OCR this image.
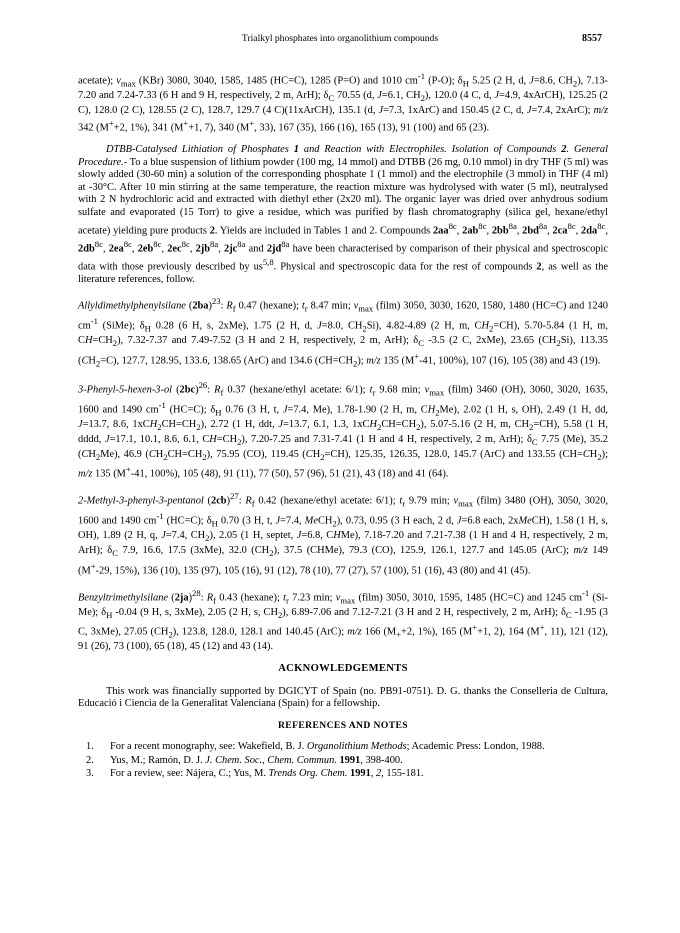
Trialkyl phosphates into organolithium compounds	8557

acetate); $\nu_{max}$ (KBr) 3080, 3040, 1585, 1485 (HC=C), 1285 (P=O) and 1010 $cm^{-1}$ (P-O); $\delta_H$ 5.25 (2 H, d, J=8.6, $CH_2$), 7.13-7.20 and 7.24-7.33 (6 H and 9 H, respectively, 2 m, ArH); $\delta_C$ 70.55 (d, J=6.1, $CH_2$), 120.0 (4 C, d, J=4.9, 4xArCH), 125.25 (2 C), 128.0 (2 C), 128.55 (2 C), 128.7, 129.7 (4 C)(11xArCH), 135.1 (d, J=7.3, 1xArC) and 150.45 (2 C, d, J=7.4, 2xArC); m/z 342 (M++2, 1%), 341 (M++1, 7), 340 (M+, 33), 167 (35), 166 (16), 165 (13), 91 (100) and 65 (23).

DTBB-Catalysed Lithiation of Phosphates 1 and Reaction with Electrophiles. Isolation of Compounds 2. General Procedure.- To a blue suspension of lithium powder (100 mg, 14 mmol) and DTBB (26 mg, 0.10 mmol) in dry THF (5 ml) was slowly added (30-60 min) a solution of the corresponding phosphate 1 (1 mmol) and the electrophile (3 mmol) in THF (4 ml) at -30°C. After 10 min stirring at the same temperature, the reaction mixture was hydrolysed with water (5 ml), neutralysed with 2 N hydrochloric acid and extracted with diethyl ether (2x20 ml). The organic layer was dried over anhydrous sodium sulfate and evaporated (15 Torr) to give a residue, which was purified by flash chromatography (silica gel, hexane/ethyl acetate) yielding pure products 2. Yields are included in Tables 1 and 2. Compounds $2aa^{8c}$, $2ab^{8c}$, $2bb^{8a}$, $2bd^{8a}$, $2ca^{8c}$, $2da^{8c}$, $2db^{8c}$, $2ea^{8c}$, $2eb^{8c}$, $2ec^{8c}$, $2jb^{8a}$, $2jc^{8a}$ and $2jd^{8a}$ have been characterised by comparison of their physical and spectroscopic data with those previously described by us$^{5,8}$. Physical and spectroscopic data for the rest of compounds 2, as well as the literature references, follow.

Allyldimethylphenylsilane $(2ba)^{23}$: $R_f$ 0.47 (hexane); $t_r$ 8.47 min; $\nu_{max}$ (film) 3050, 3030, 1620, 1580, 1480 (HC=C) and 1240 $cm^{-1}$ (SiMe); $\delta_H$ 0.28 (6 H, s, 2xMe), 1.75 (2 H, d, J=8.0, $CH_2Si$), 4.82-4.89 (2 H, m, $CH_2=CH$), 5.70-5.84 (1 H, m, $CH=CH_2$), 7.32-7.37 and 7.49-7.52 (3 H and 2 H, respectively, 2 m, ArH); $\delta_C$ -3.5 (2 C, 2xMe), 23.65 $(CH_2Si)$, 113.35 $(CH_2=C)$, 127.7, 128.95, 133.6, 138.65 (ArC) and 134.6 $(CH=CH_2)$; m/z 135 (M+-41, 100%), 107 (16), 105 (38) and 43 (19).

3-Phenyl-5-hexen-3-ol $(2bc)^{26}$: $R_f$ 0.37 (hexane/ethyl acetate: 6/1); $t_r$ 9.68 min; $\nu_{max}$ (film) 3460 (OH), 3060, 3020, 1635, 1600 and 1490 $cm^{-1}$ (HC=C); $\delta_H$ 0.76 (3 H, t, J=7.4, Me), 1.78-1.90 (2 H, m, $CH_2Me$), 2.02 (1 H, s, OH), 2.49 (1 H, dd, J=13.7, 8.6, $1xCH_2CH=CH_2$), 2.72 (1 H, ddt, J=13.7, 6.1, 1.3, $1xCH_2CH=CH_2$), 5.07-5.16 (2 H, m, $CH_2=CH$), 5.58 (1 H, dddd, J=17.1, 10.1, 8.6, 6.1, $CH=CH_2$), 7.20-7.25 and 7.31-7.41 (1 H and 4 H, respectively, 2 m, ArH); $\delta_C$ 7.75 (Me), 35.2 $(CH_2Me)$, 46.9 $(CH_2CH=CH_2)$, 75.95 (CO), 119.45 $(CH_2=CH)$, 125.35, 126.35, 128.0, 145.7 (ArC) and 133.55 $(CH=CH_2)$; m/z 135 (M+-41, 100%), 105 (48), 91 (11), 77 (50), 57 (96), 51 (21), 43 (18) and 41 (64).

2-Methyl-3-phenyl-3-pentanol $(2cb)^{27}$: $R_f$ 0.42 (hexane/ethyl acetate: 6/1); $t_r$ 9.79 min; $\nu_{max}$ (film) 3480 (OH), 3050, 3020, 1600 and 1490 $cm^{-1}$ (HC=C); $\delta_H$ 0.70 (3 H, t, J=7.4, MeCH$_2$), 0.73, 0.95 (3 H each, 2 d, J=6.8 each, 2xMeCH), 1.58 (1 H, s, OH), 1.89 (2 H, q, J=7.4, $CH_2$), 2.05 (1 H, septet, J=6.8, CHMe), 7.18-7.20 and 7.21-7.38 (1 H and 4 H, respectively, 2 m, ArH); $\delta_C$ 7.9, 16.6, 17.5 (3xMe), 32.0 $(CH_2)$, 37.5 (CHMe), 79.3 (CO), 125.9, 126.1, 127.7 and 145.05 (ArC); m/z 149 (M+-29, 15%), 136 (10), 135 (97), 105 (16), 91 (12), 78 (10), 77 (27), 57 (100), 51 (16), 43 (80) and 41 (45).

Benzyltrimethylsilane $(2ja)^{28}$: $R_f$ 0.43 (hexane); $t_r$ 7.23 min; $\nu_{max}$ (film) 3050, 3010, 1595, 1485 (HC=C) and 1245 $cm^{-1}$ (Si-Me); $\delta_H$ -0.04 (9 H, s, 3xMe), 2.05 (2 H, s, $CH_2$), 6.89-7.06 and 7.12-7.21 (3 H and 2 H, respectively, 2 m, ArH); $\delta_C$ -1.95 (3 C, 3xMe), 27.05 $(CH_2)$, 123.8, 128.0, 128.1 and 140.45 (ArC); m/z 166 ($M_++2$, 1%), 165 (M++1, 2), 164 (M+, 11), 121 (12), 91 (26), 73 (100), 65 (18), 45 (12) and 43 (14).

ACKNOWLEDGEMENTS

This work was financially supported by DGICYT of Spain (no. PB91-0751). D. G. thanks the Conselleria de Cultura, Educació i Ciencia de la Generalitat Valenciana (Spain) for a fellowship.

REFERENCES AND NOTES
1. For a recent monography, see: Wakefield, B. J. Organolithium Methods; Academic Press: London, 1988.
2. Yus, M.; Ramón, D. J. J. Chem. Soc., Chem. Commun. 1991, 398-400.
3. For a review, see: Nájera, C.; Yus, M. Trends Org. Chem. 1991, 2, 155-181.
